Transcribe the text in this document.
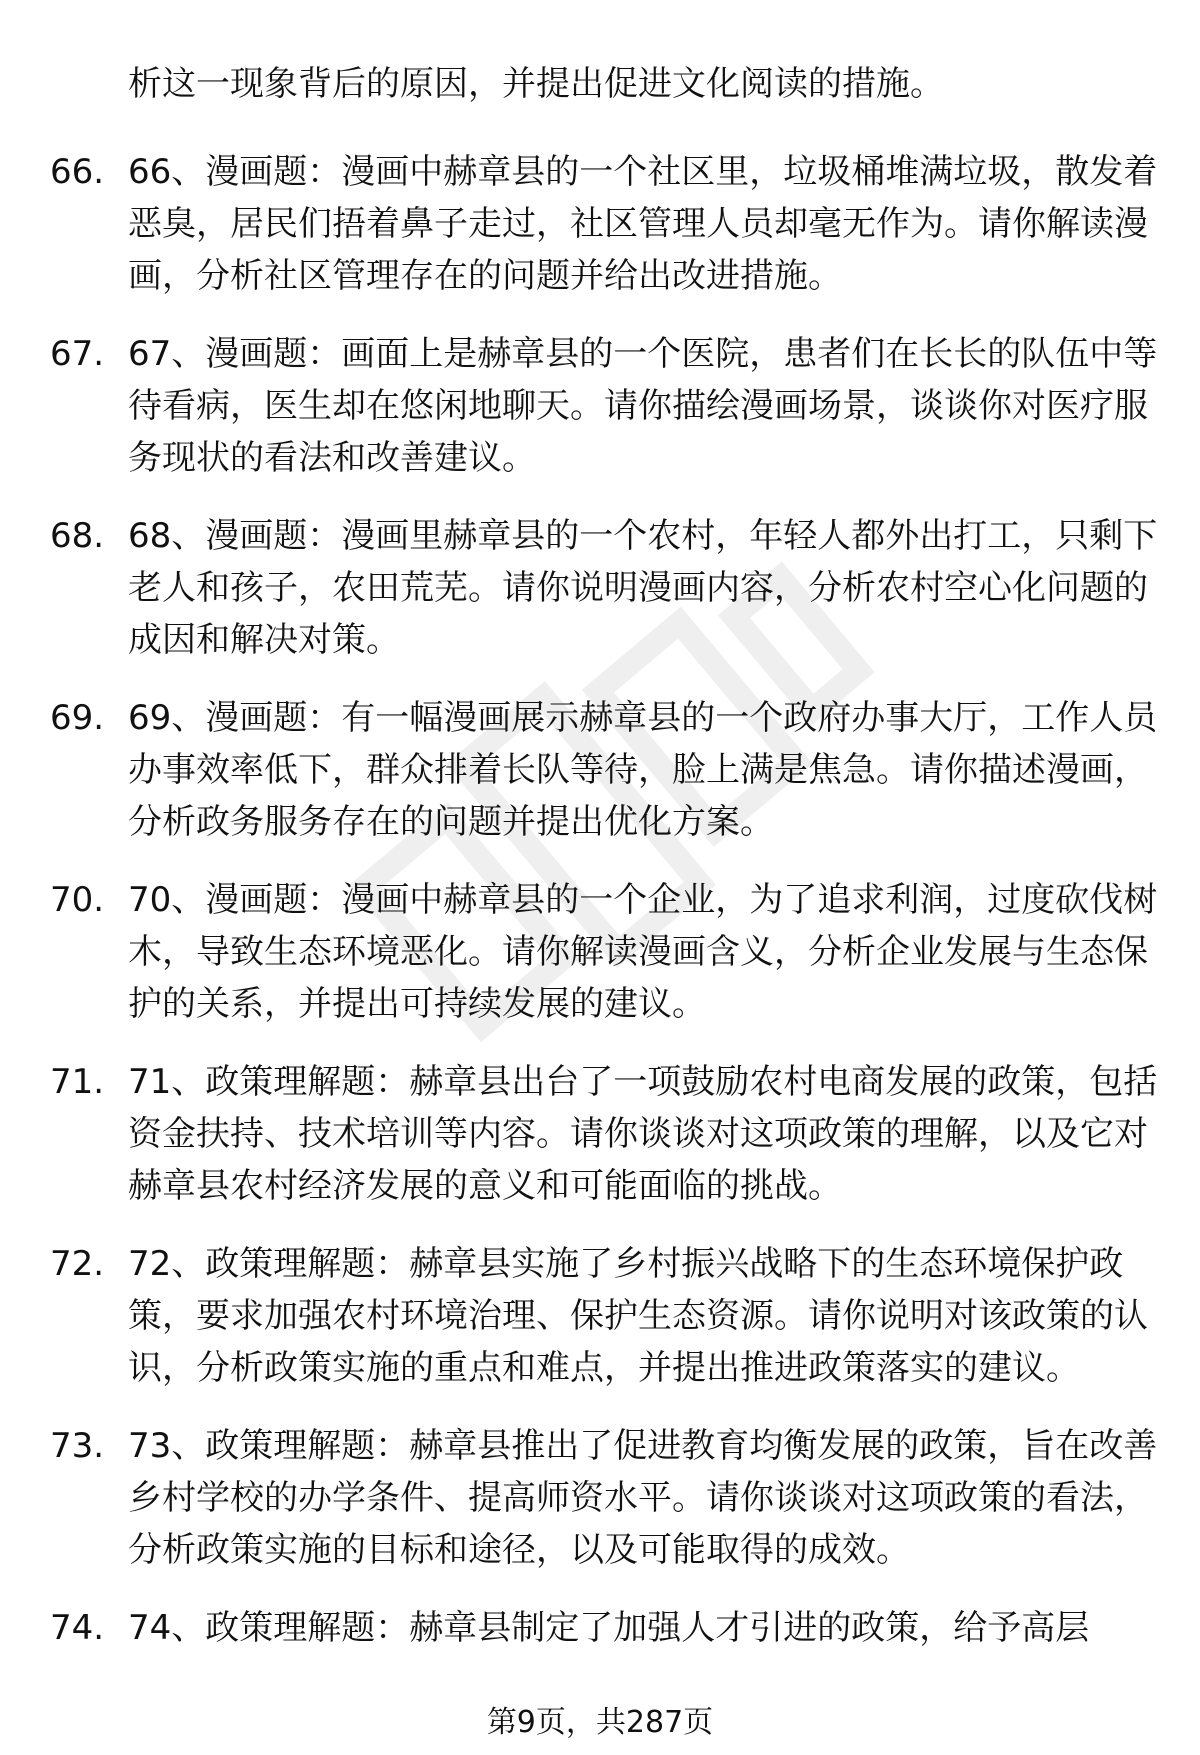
析这一现象背后的原因，并提出促进文化阅读的措施。

66. 66、漫画题：漫画中赫章县的一个社区里，垃圾桶堆满垃圾，散发着恶臭，居民们捂着鼻子走过，社区管理人员却毫无作为。请你解读漫画，分析社区管理存在的问题并给出改进措施。
67. 67、漫画题：画面上是赫章县的一个医院，患者们在长长的队伍中等待看病，医生却在悠闲地聊天。请你描绘漫画场景，谈谈你对医疗服务现状的看法和改善建议。
68. 68、漫画题：漫画里赫章县的一个农村，年轻人都外出打工，只剩下老人和孩子，农田荒芜。请你说明漫画内容，分析农村空心化问题的成因和解决对策。
69. 69、漫画题：有一幅漫画展示赫章县的一个政府办事大厅，工作人员办事效率低下，群众排着长队等待，脸上满是焦急。请你描述漫画，分析政务服务存在的问题并提出优化方案。
70. 70、漫画题：漫画中赫章县的一个企业，为了追求利润，过度砍伐树木，导致生态环境恶化。请你解读漫画含义，分析企业发展与生态保护的关系，并提出可持续发展的建议。
71. 71、政策理解题：赫章县出台了一项鼓励农村电商发展的政策，包括资金扶持、技术培训等内容。请你谈谈对这项政策的理解，以及它对赫章县农村经济发展的意义和可能面临的挑战。
72. 72、政策理解题：赫章县实施了乡村振兴战略下的生态环境保护政策，要求加强农村环境治理、保护生态资源。请你说明对该政策的认识，分析政策实施的重点和难点，并提出推进政策落实的建议。
73. 73、政策理解题：赫章县推出了促进教育均衡发展的政策，旨在改善乡村学校的办学条件、提高师资水平。请你谈谈对这项政策的看法，分析政策实施的目标和途径，以及可能取得的成效。
74. 74、政策理解题：赫章县制定了加强人才引进的政策，给予高层
第9页，共287页
